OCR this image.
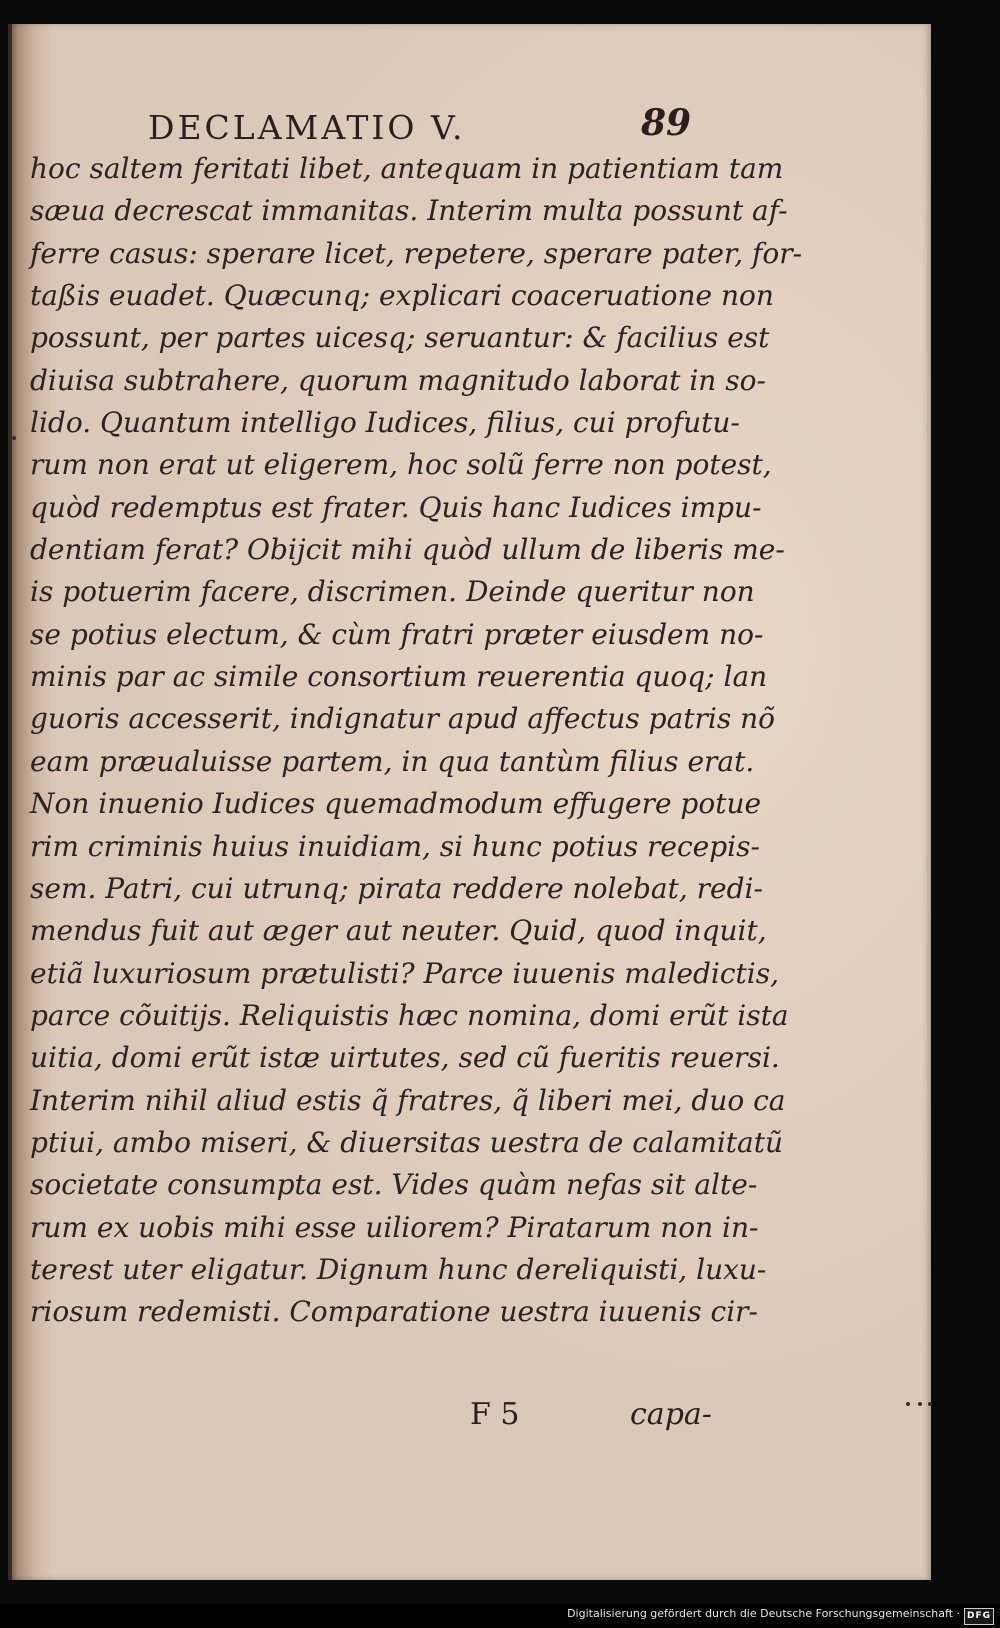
DECLAMATIO V.	89
hoc saltem feritati libet, antequam in patientiam tam
sæua decrescat immanitas. Interim multa possunt af-
ferre casus: sperare licet, repetere, sperare pater, for-
taßis euadet. Quæcunq; explicari coaceruatione non
possunt, per partes uicesq; seruantur: & facilius est
diuisa subtrahere, quorum magnitudo laborat in so-
lido. Quantum intelligo Iudices, filius, cui profutu-
rum non erat ut eligerem, hoc solũ ferre non potest,
quòd redemptus est frater. Quis hanc Iudices impu-
dentiam ferat? Obijcit mihi quòd ullum de liberis me-
is potuerim facere, discrimen. Deinde queritur non
se potius electum, & cùm fratri præter eiusdem no-
minis par ac simile consortium reuerentia quoq; lan
guoris accesserit, indignatur apud affectus patris nõ
eam præualuisse partem, in qua tantùm filius erat.
Non inuenio Iudices quemadmodum effugere potue
rim criminis huius inuidiam, si hunc potius recepis-
sem. Patri, cui utrunq; pirata reddere nolebat, redi-
mendus fuit aut æger aut neuter. Quid, quod inquit,
etiã luxuriosum prætulisti? Parce iuuenis maledictis,
parce cõuitijs. Reliquistis hæc nomina, domi erũt ista
uitia, domi erũt istæ uirtutes, sed cũ fueritis reuersi.
Interim nihil aliud estis q̃ fratres, q̃ liberi mei, duo ca
ptiui, ambo miseri, & diuersitas uestra de calamitatũ
societate consumpta est. Vides quàm nefas sit alte-
rum ex uobis mihi esse uiliorem? Piratarum non in-
terest uter eligatur. Dignum hunc dereliquisti, luxu-
riosum redemisti. Comparatione uestra iuuenis cir-
F 5	capa-
Digitalisierung gefördert durch die Deutsche Forschungsgemeinschaft · DFG
